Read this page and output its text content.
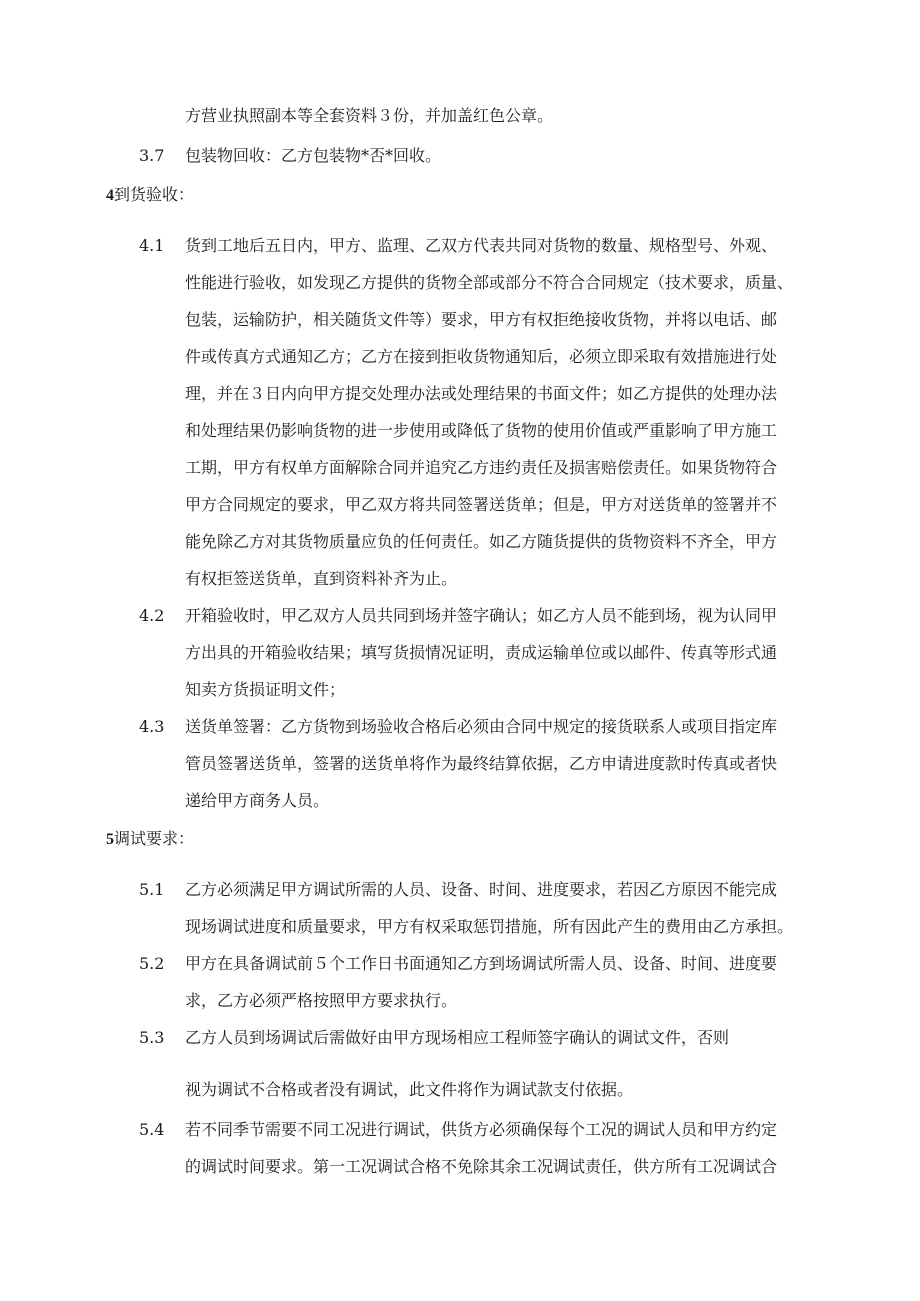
方营业执照副本等全套资料３份，并加盖红色公章。
3.7 包装物回收：乙方包装物*否*回收。
4到货验收：
4.1 货到工地后五日内，甲方、监理、乙双方代表共同对货物的数量、规格型号、外观、
性能进行验收，如发现乙方提供的货物全部或部分不符合合同规定（技术要求，质量、
包装，运输防护，相关随货文件等）要求，甲方有权拒绝接收货物，并将以电话、邮
件或传真方式通知乙方；乙方在接到拒收货物通知后，必须立即采取有效措施进行处
理，并在３日内向甲方提交处理办法或处理结果的书面文件；如乙方提供的处理办法
和处理结果仍影响货物的进一步使用或降低了货物的使用价值或严重影响了甲方施工
工期，甲方有权单方面解除合同并追究乙方违约责任及损害赔偿责任。如果货物符合
甲方合同规定的要求，甲乙双方将共同签署送货单；但是，甲方对送货单的签署并不
能免除乙方对其货物质量应负的任何责任。如乙方随货提供的货物资料不齐全，甲方
有权拒签送货单，直到资料补齐为止。
4.2 开箱验收时，甲乙双方人员共同到场并签字确认；如乙方人员不能到场，视为认同甲
方出具的开箱验收结果；填写货损情况证明，责成运输单位或以邮件、传真等形式通
知卖方货损证明文件；
4.3 送货单签署：乙方货物到场验收合格后必须由合同中规定的接货联系人或项目指定库
管员签署送货单，签署的送货单将作为最终结算依据，乙方申请进度款时传真或者快
递给甲方商务人员。
5调试要求：
5.1 乙方必须满足甲方调试所需的人员、设备、时间、进度要求，若因乙方原因不能完成
现场调试进度和质量要求，甲方有权采取惩罚措施，所有因此产生的费用由乙方承担。
5.2 甲方在具备调试前５个工作日书面通知乙方到场调试所需人员、设备、时间、进度要
求，乙方必须严格按照甲方要求执行。
5.3 乙方人员到场调试后需做好由甲方现场相应工程师签字确认的调试文件，否则
视为调试不合格或者没有调试，此文件将作为调试款支付依据。
5.4 若不同季节需要不同工况进行调试，供货方必须确保每个工况的调试人员和甲方约定
的调试时间要求。第一工况调试合格不免除其余工况调试责任，供方所有工况调试合
